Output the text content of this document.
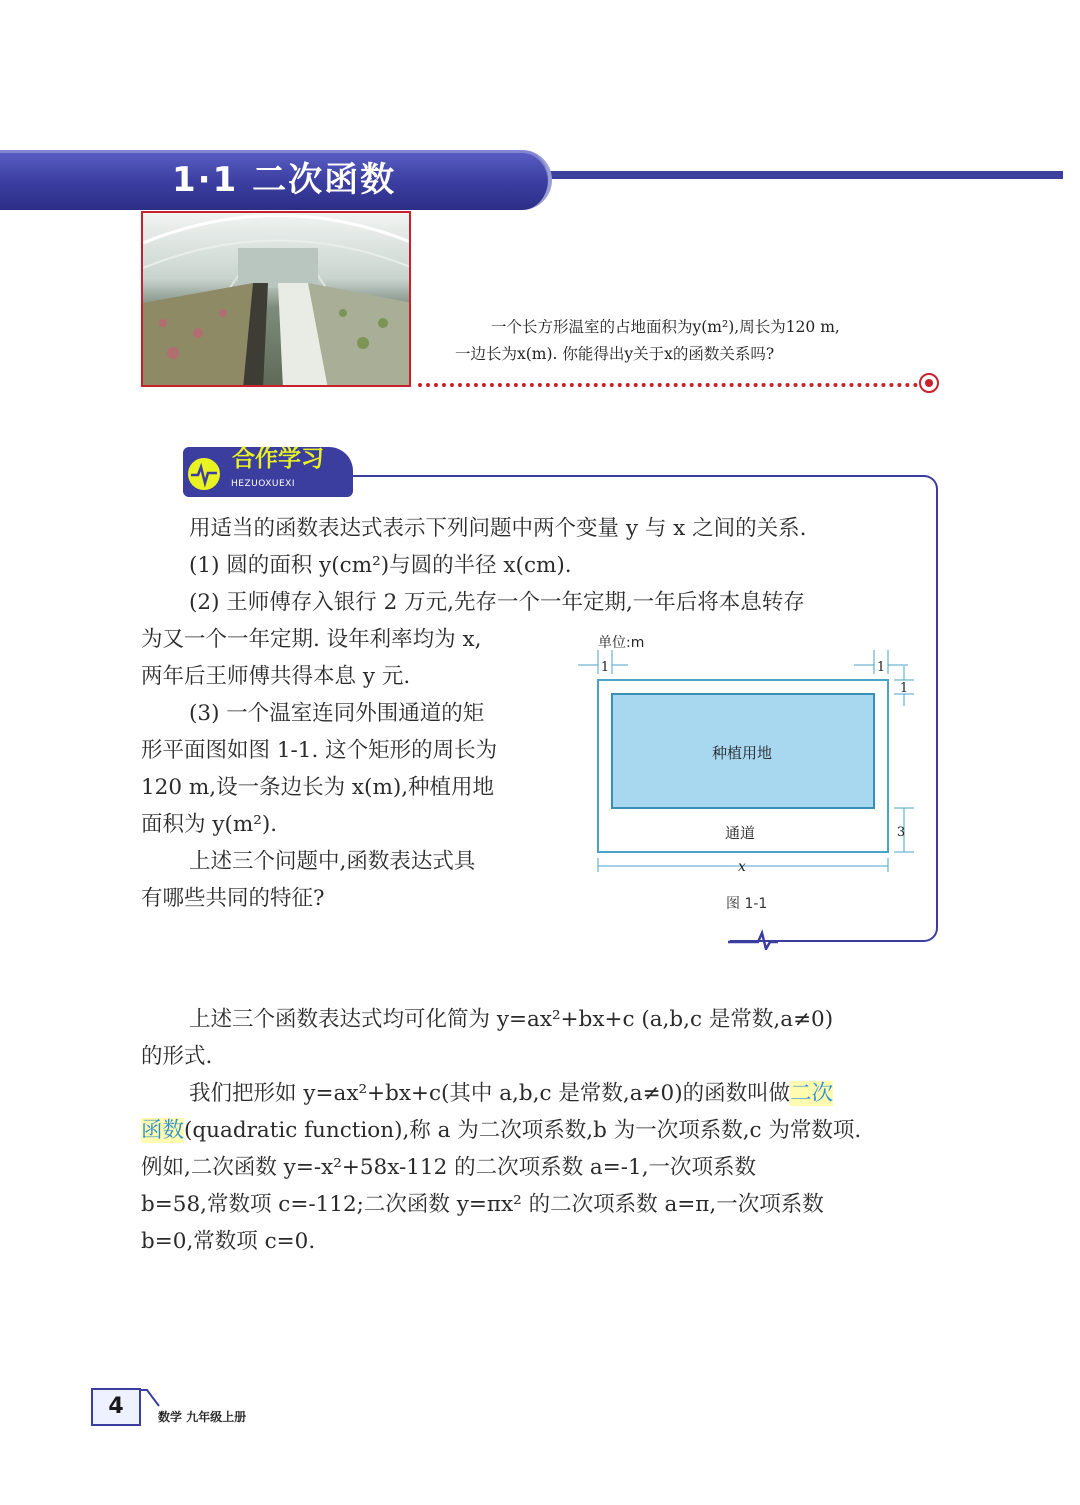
1·1 二次函数

一个长方形温室的占地面积为y(m²),周长为120 m,

一边长为x(m). 你能得出y关于x的函数关系吗?

合作学习
HEZUOXUEXI

用适当的函数表达式表示下列问题中两个变量 y 与 x 之间的关系.

(1) 圆的面积 y(cm²)与圆的半径 x(cm).

(2) 王师傅存入银行 2 万元,先存一个一年定期,一年后将本息转存

为又一个一年定期. 设年利率均为 x,

两年后王师傅共得本息 y 元.

(3) 一个温室连同外围通道的矩

形平面图如图 1-1. 这个矩形的周长为

120 m,设一条边长为 x(m),种植用地

面积为 y(m²).

上述三个问题中,函数表达式具

有哪些共同的特征?

单位:m
种植用地
通道
1	1
1
3
x
图 1-1

上述三个函数表达式均可化简为 y=ax²+bx+c (a,b,c 是常数,a≠0)

的形式.

我们把形如 y=ax²+bx+c(其中 a,b,c 是常数,a≠0)的函数叫做二次

函数(quadratic function),称 a 为二次项系数,b 为一次项系数,c 为常数项.

例如,二次函数 y=-x²+58x-112 的二次项系数 a=-1,一次项系数

b=58,常数项 c=-112;二次函数 y=πx² 的二次项系数 a=π,一次项系数

b=0,常数项 c=0.

4	数学 九年级上册
